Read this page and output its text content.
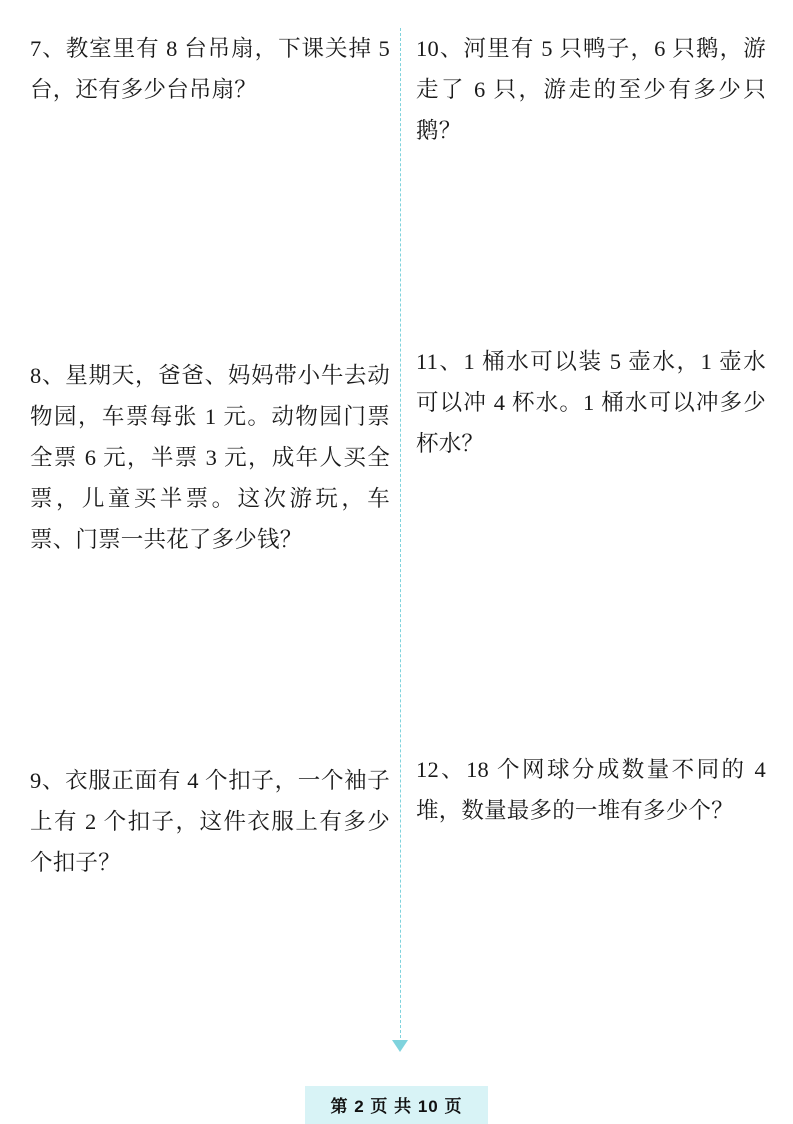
7、教室里有 8 台吊扇，下课关掉 5 台，还有多少台吊扇？

8、星期天，爸爸、妈妈带小牛去动物园，车票每张 1 元。动物园门票全票 6 元，半票 3 元，成年人买全票，儿童买半票。这次游玩，车票、门票一共花了多少钱？

9、衣服正面有 4 个扣子，一个袖子上有 2 个扣子，这件衣服上有多少个扣子？

10、河里有 5 只鸭子，6 只鹅，游走了 6 只，游走的至少有多少只鹅？

11、1 桶水可以装 5 壶水，1 壶水可以冲 4 杯水。1 桶水可以冲多少杯水？

12、18 个网球分成数量不同的 4 堆，数量最多的一堆有多少个？

第 2 页 共 10 页
